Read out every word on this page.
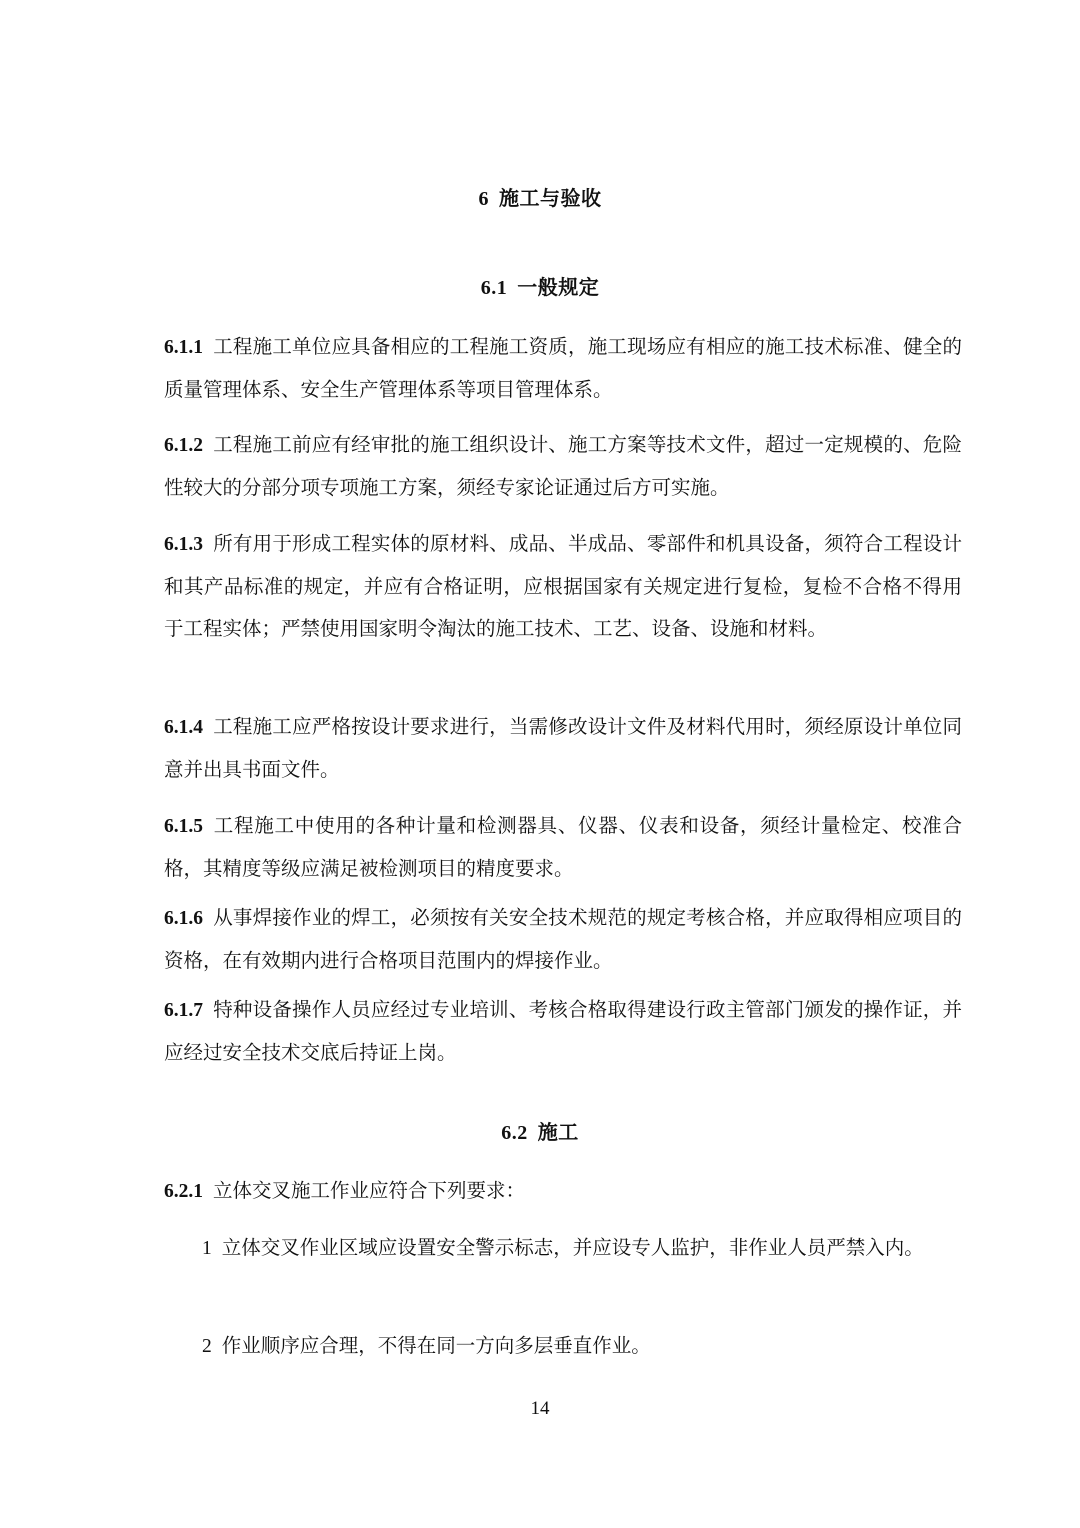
6 施工与验收
6.1 一般规定
6.1.1 工程施工单位应具备相应的工程施工资质，施工现场应有相应的施工技术标准、健全的质量管理体系、安全生产管理体系等项目管理体系。
6.1.2 工程施工前应有经审批的施工组织设计、施工方案等技术文件，超过一定规模的、危险性较大的分部分项专项施工方案，须经专家论证通过后方可实施。
6.1.3 所有用于形成工程实体的原材料、成品、半成品、零部件和机具设备，须符合工程设计和其产品标准的规定，并应有合格证明，应根据国家有关规定进行复检，复检不合格不得用于工程实体；严禁使用国家明令淘汰的施工技术、工艺、设备、设施和材料。
6.1.4 工程施工应严格按设计要求进行，当需修改设计文件及材料代用时，须经原设计单位同意并出具书面文件。
6.1.5 工程施工中使用的各种计量和检测器具、仪器、仪表和设备，须经计量检定、校准合格，其精度等级应满足被检测项目的精度要求。
6.1.6 从事焊接作业的焊工，必须按有关安全技术规范的规定考核合格，并应取得相应项目的资格，在有效期内进行合格项目范围内的焊接作业。
6.1.7 特种设备操作人员应经过专业培训、考核合格取得建设行政主管部门颁发的操作证，并应经过安全技术交底后持证上岗。
6.2 施工
6.2.1 立体交叉施工作业应符合下列要求：
1 立体交叉作业区域应设置安全警示标志，并应设专人监护，非作业人员严禁入内。
2 作业顺序应合理，不得在同一方向多层垂直作业。
14
